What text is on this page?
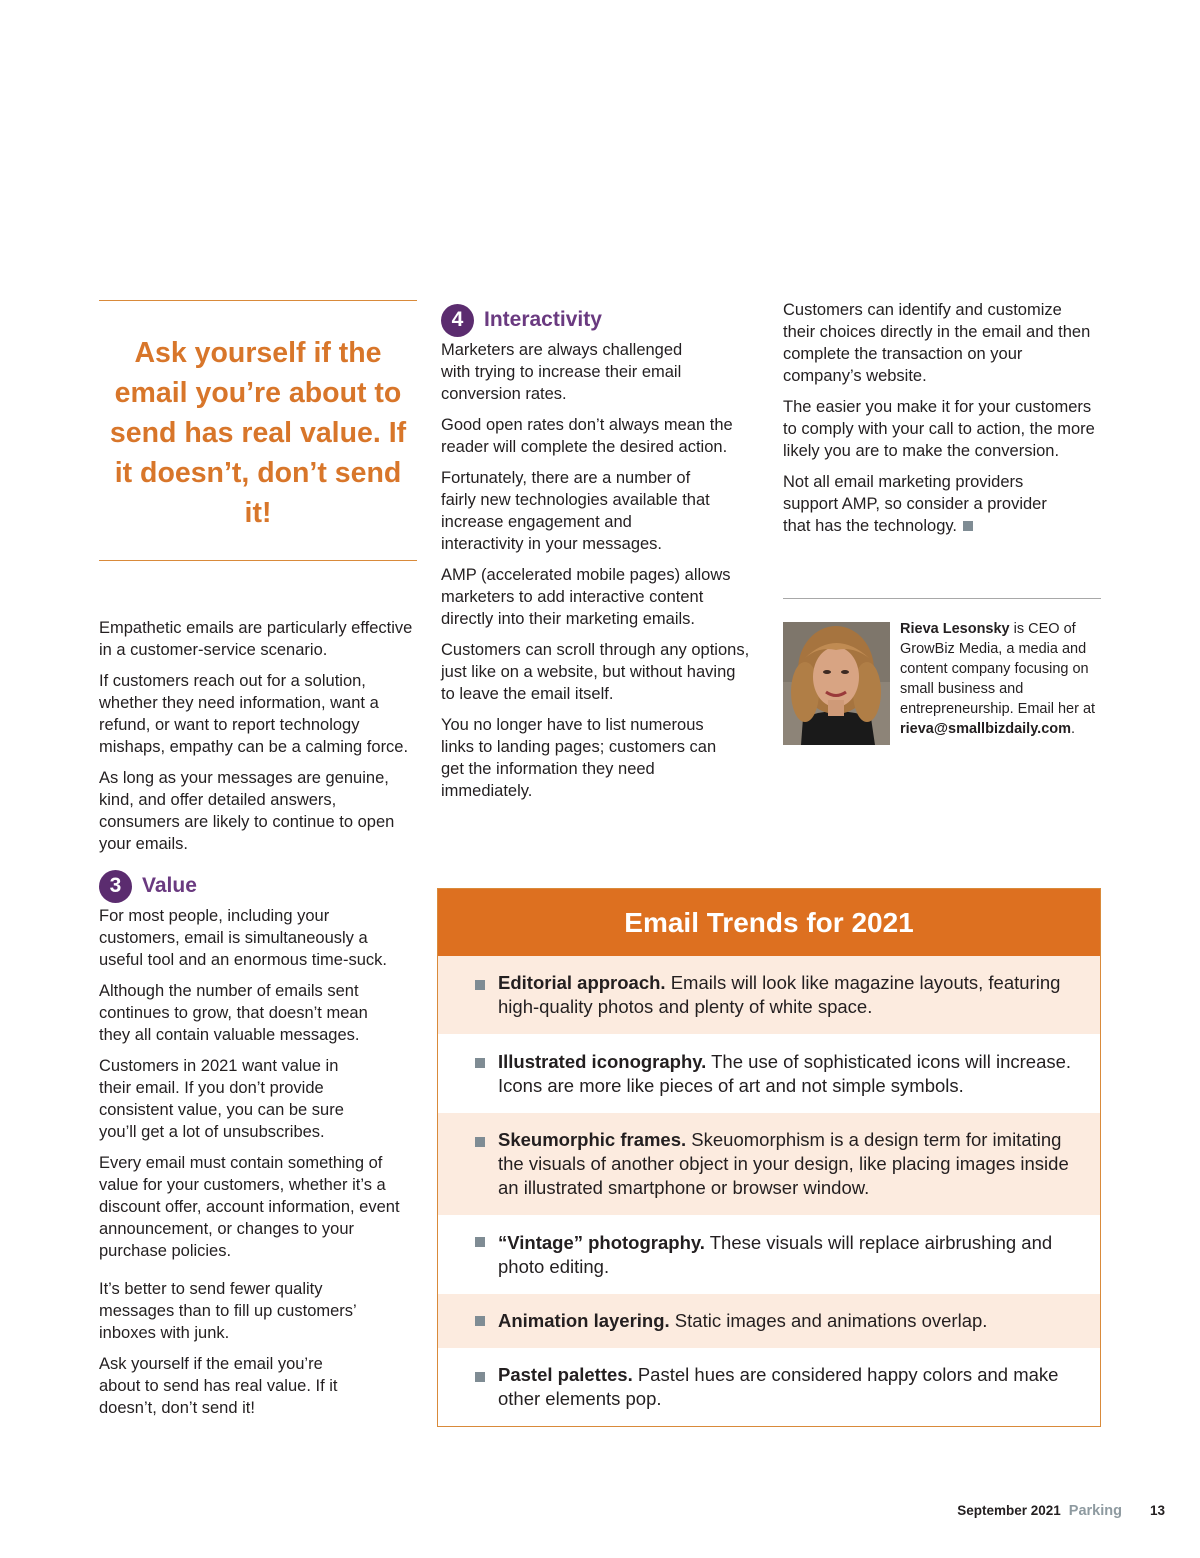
Ask yourself if the email you’re about to send has real value. If it doesn’t, don’t send it!

Empathetic emails are particularly effective in a customer-service scenario.

If customers reach out for a solution, whether they need information, want a refund, or want to report technology mishaps, empathy can be a calming force.

As long as your messages are genuine, kind, and offer detailed answers, consumers are likely to continue to open your emails.

3 Value

For most people, including your customers, email is simultaneously a useful tool and an enormous time-suck.

Although the number of emails sent continues to grow, that doesn’t mean they all contain valuable messages.

Customers in 2021 want value in their email. If you don’t provide consistent value, you can be sure you’ll get a lot of unsubscribes.

Every email must contain something of value for your customers, whether it’s a discount offer, account information, event announcement, or changes to your purchase policies.

It’s better to send fewer quality messages than to fill up customers’ inboxes with junk.

Ask yourself if the email you’re about to send has real value. If it doesn’t, don’t send it!

4 Interactivity

Marketers are always challenged with trying to increase their email conversion rates.

Good open rates don’t always mean the reader will complete the desired action.

Fortunately, there are a number of fairly new technologies available that increase engagement and interactivity in your messages.

AMP (accelerated mobile pages) allows marketers to add interactive content directly into their marketing emails.

Customers can scroll through any options, just like on a website, but without having to leave the email itself.

You no longer have to list numerous links to landing pages; customers can get the information they need immediately.

Customers can identify and customize their choices directly in the email and then complete the transaction on your company’s website.

The easier you make it for your customers to comply with your call to action, the more likely you are to make the conversion.

Not all email marketing providers support AMP, so consider a provider that has the technology.

Rieva Lesonsky is CEO of GrowBiz Media, a media and content company focusing on small business and entrepreneurship. Email her at rieva@smallbizdaily.com.
Email Trends for 2021
Editorial approach. Emails will look like magazine layouts, featuring high-quality photos and plenty of white space.
Illustrated iconography. The use of sophisticated icons will increase. Icons are more like pieces of art and not simple symbols.
Skeumorphic frames. Skeuomorphism is a design term for imitating the visuals of another object in your design, like placing images inside an illustrated smartphone or browser window.
“Vintage” photography. These visuals will replace airbrushing and photo editing.
Animation layering. Static images and animations overlap.
Pastel palettes. Pastel hues are considered happy colors and make other elements pop.
September 2021 Parking 13
